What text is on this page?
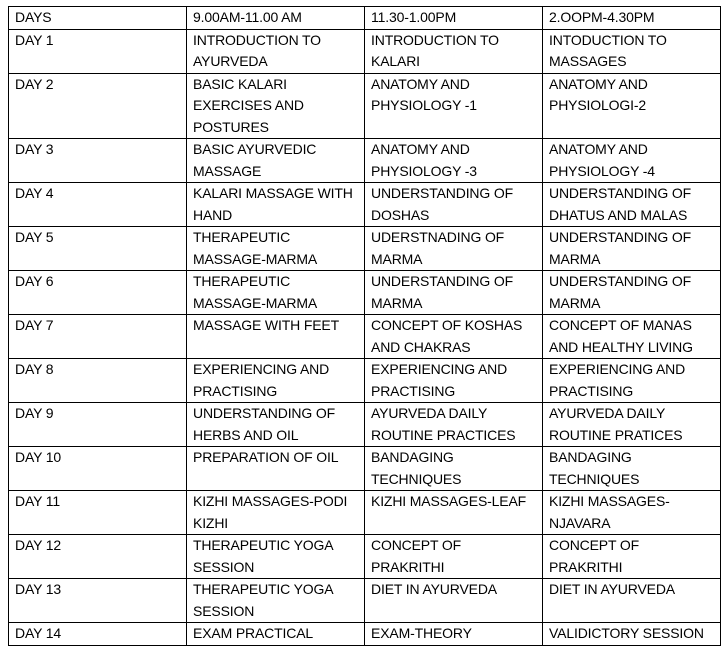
DAYS	9.00AM-11.00 AM	11.30-1.00PM	2.OOPM-4.30PM
DAY 1	INTRODUCTION TO AYURVEDA	INTRODUCTION TO KALARI	INTODUCTION TO MASSAGES
DAY 2	BASIC KALARI EXERCISES AND POSTURES	ANATOMY AND PHYSIOLOGY -1	ANATOMY AND PHYSIOLOGI-2
DAY 3	BASIC AYURVEDIC MASSAGE	ANATOMY AND PHYSIOLOGY -3	ANATOMY AND PHYSIOLOGY -4
DAY 4	KALARI MASSAGE WITH HAND	UNDERSTANDING OF DOSHAS	UNDERSTANDING OF DHATUS AND MALAS
DAY 5	THERAPEUTIC MASSAGE-MARMA	UDERSTNADING OF MARMA	UNDERSTANDING OF MARMA
DAY 6	THERAPEUTIC MASSAGE-MARMA	UNDERSTANDING OF MARMA	UNDERSTANDING OF MARMA
DAY 7	MASSAGE WITH FEET	CONCEPT OF KOSHAS AND CHAKRAS	CONCEPT OF MANAS AND HEALTHY LIVING
DAY 8	EXPERIENCING AND PRACTISING	EXPERIENCING AND PRACTISING	EXPERIENCING AND PRACTISING
DAY 9	UNDERSTANDING OF HERBS AND OIL	AYURVEDA DAILY ROUTINE PRACTICES	AYURVEDA DAILY ROUTINE PRATICES
DAY 10	PREPARATION OF OIL	BANDAGING TECHNIQUES	BANDAGING TECHNIQUES
DAY 11	KIZHI MASSAGES-PODI KIZHI	KIZHI MASSAGES-LEAF	KIZHI MASSAGES-NJAVARA
DAY 12	THERAPEUTIC YOGA SESSION	CONCEPT OF PRAKRITHI	CONCEPT OF PRAKRITHI
DAY 13	THERAPEUTIC YOGA SESSION	DIET IN AYURVEDA	DIET IN AYURVEDA
DAY 14	EXAM PRACTICAL	EXAM-THEORY	VALIDICTORY SESSION
